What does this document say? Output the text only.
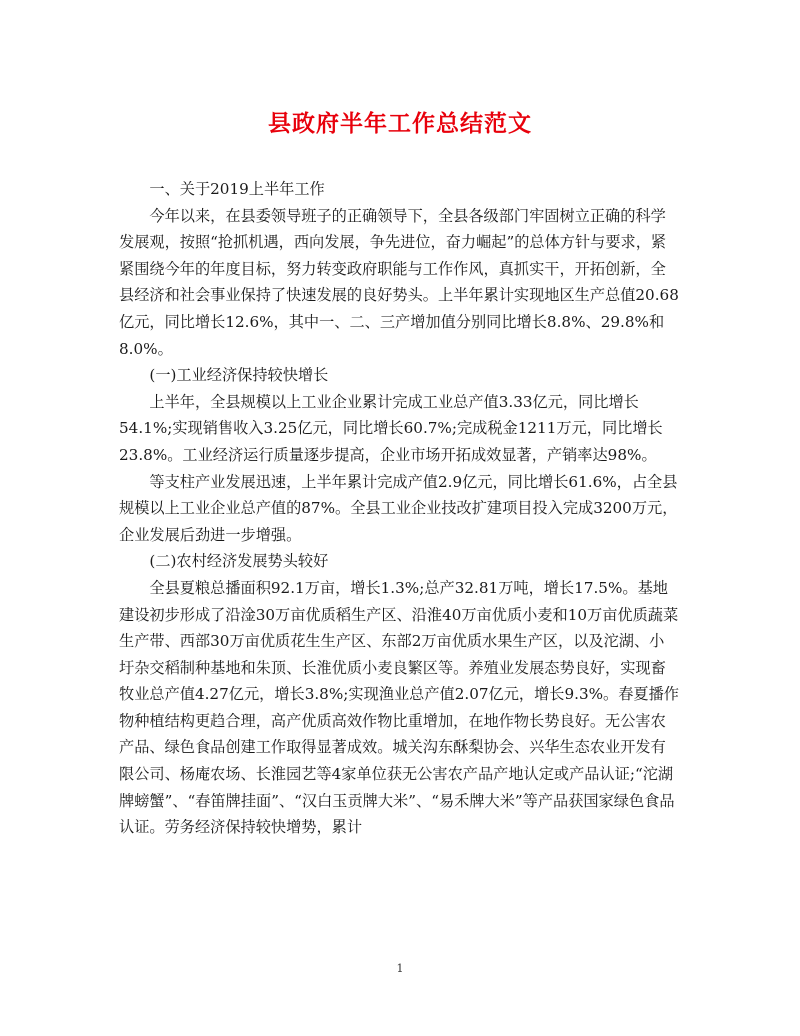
县政府半年工作总结范文

一、关于2019上半年工作

今年以来，在县委领导班子的正确领导下，全县各级部门牢固树立正确的科学发展观，按照“抢抓机遇，西向发展，争先进位，奋力崛起”的总体方针与要求，紧紧围绕今年的年度目标，努力转变政府职能与工作作风，真抓实干，开拓创新，全县经济和社会事业保持了快速发展的良好势头。上半年累计实现地区生产总值20.68亿元，同比增长12.6%，其中一、二、三产增加值分别同比增长8.8%、29.8%和8.0%。

(一)工业经济保持较快增长

上半年，全县规模以上工业企业累计完成工业总产值3.33亿元，同比增长54.1%;实现销售收入3.25亿元，同比增长60.7%;完成税金1211万元，同比增长23.8%。工业经济运行质量逐步提高，企业市场开拓成效显著，产销率达98%。

等支柱产业发展迅速，上半年累计完成产值2.9亿元，同比增长61.6%，占全县规模以上工业企业总产值的87%。全县工业企业技改扩建项目投入完成3200万元，企业发展后劲进一步增强。

(二)农村经济发展势头较好

全县夏粮总播面积92.1万亩，增长1.3%;总产32.81万吨，增长17.5%。基地建设初步形成了沿淦30万亩优质稻生产区、沿淮40万亩优质小麦和10万亩优质蔬菜生产带、西部30万亩优质花生生产区、东部2万亩优质水果生产区，以及沱湖、小圩杂交稻制种基地和朱顶、长淮优质小麦良繁区等。养殖业发展态势良好，实现畜牧业总产值4.27亿元，增长3.8%;实现渔业总产值2.07亿元，增长9.3%。春夏播作物种植结构更趋合理，高产优质高效作物比重增加，在地作物长势良好。无公害农产品、绿色食品创建工作取得显著成效。城关沟东酥梨协会、兴华生态农业开发有限公司、杨庵农场、长淮园艺等4家单位获无公害农产品产地认定或产品认证;“沱湖牌螃蟹”、“春笛牌挂面”、“汉白玉贡牌大米”、“易禾牌大米”等产品获国家绿色食品认证。劳务经济保持较快增势，累计

1
